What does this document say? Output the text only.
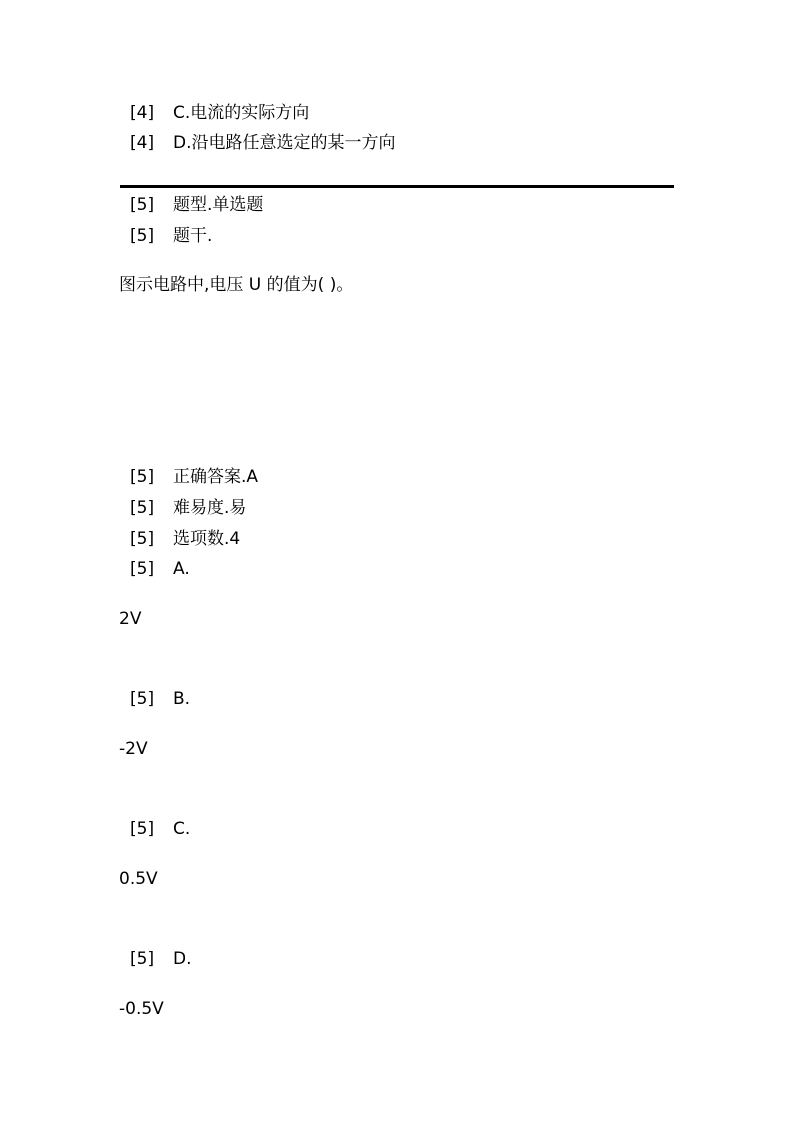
[4] C.电流的实际方向
[4] D.沿电路任意选定的某一方向
[5] 题型.单选题
[5] 题干.
图示电路中,电压 U 的值为( )。
[5] 正确答案.A
[5] 难易度.易
[5] 选项数.4
[5] A.
2V
[5] B.
-2V
[5] C.
0.5V
[5] D.
-0.5V
